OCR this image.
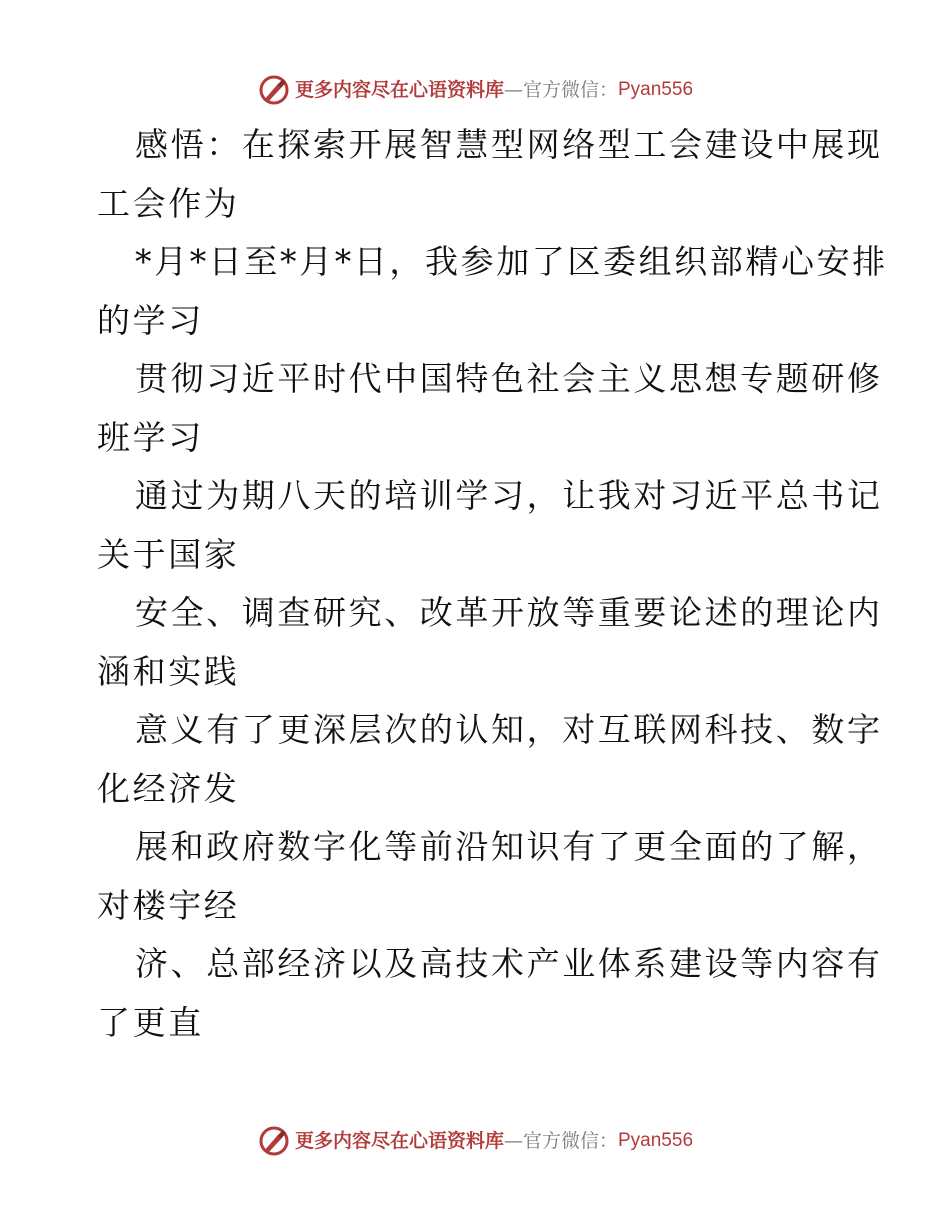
更多内容尽在心语资料库 — 官方微信： Pyan556
感悟：在探索开展智慧型网络型工会建设中展现
工会作为
*月*日至*月*日，我参加了区委组织部精心安排
的学习
贯彻习近平时代中国特色社会主义思想专题研修
班学习
通过为期八天的培训学习，让我对习近平总书记
关于国家
安全、调查研究、改革开放等重要论述的理论内
涵和实践
意义有了更深层次的认知，对互联网科技、数字
化经济发
展和政府数字化等前沿知识有了更全面的了解，
对楼宇经
济、总部经济以及高技术产业体系建设等内容有
了更直
更多内容尽在心语资料库 — 官方微信： Pyan556
